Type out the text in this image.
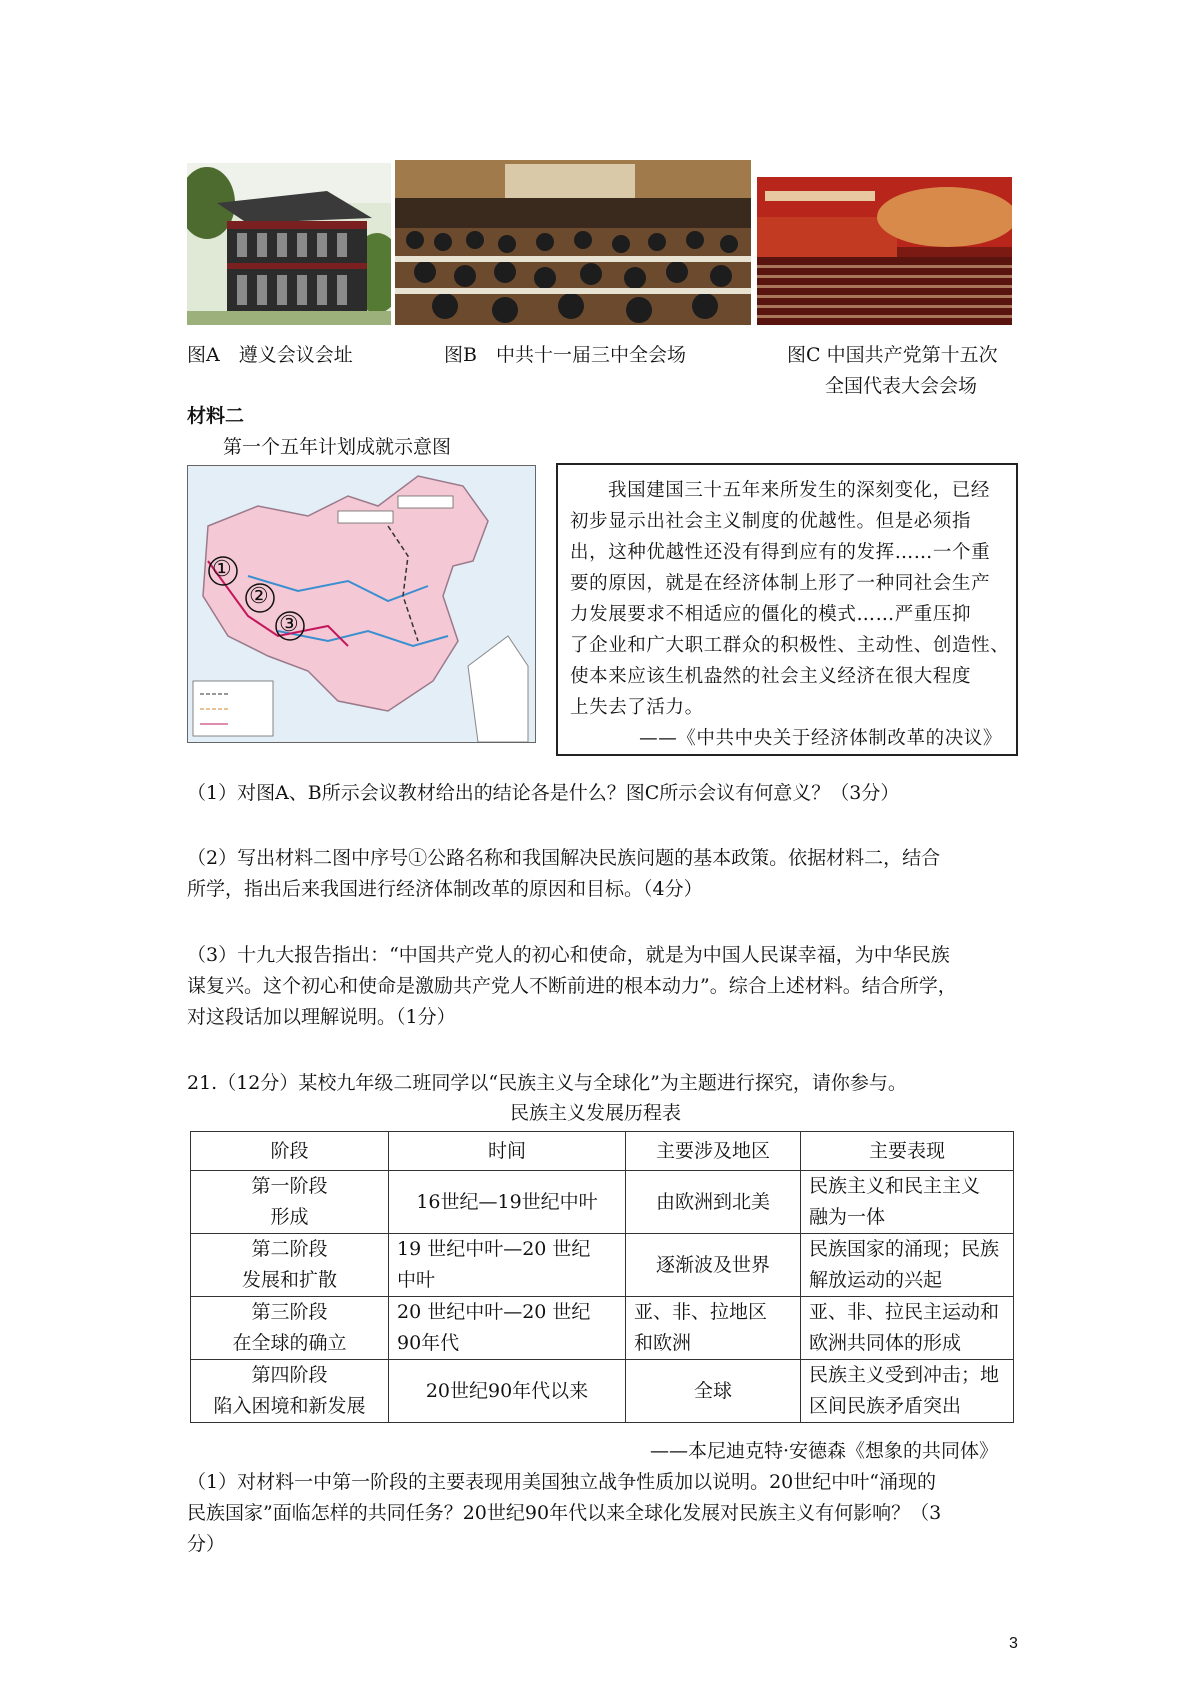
图A　遵义会议会址	图B　中共十一届三中全会场	图C 中国共产党第十五次
全国代表大会会场
材料二
第一个五年计划成就示意图
①
②
③

我国建国三十五年来所发生的深刻变化，已经

初步显示出社会主义制度的优越性。但是必须指

出，这种优越性还没有得到应有的发挥……一个重

要的原因，就是在经济体制上形了一种同社会生产

力发展要求不相适应的僵化的模式……严重压抑

了企业和广大职工群众的积极性、主动性、创造性、

使本来应该生机盎然的社会主义经济在很大程度

上失去了活力。

——《中共中央关于经济体制改革的决议》

（1）对图A、B所示会议教材给出的结论各是什么？图C所示会议有何意义？（3分）
（2）写出材料二图中序号①公路名称和我国解决民族问题的基本政策。依据材料二，结合
所学，指出后来我国进行经济体制改革的原因和目标。（4分）
（3）十九大报告指出：“中国共产党人的初心和使命，就是为中国人民谋幸福，为中华民族
谋复兴。这个初心和使命是激励共产党人不断前进的根本动力”。综合上述材料。结合所学，
对这段话加以理解说明。（1分）
21.（12分）某校九年级二班同学以“民族主义与全球化”为主题进行探究，请你参与。
民族主义发展历程表
阶段	时间	主要涉及地区	主要表现
第一阶段
形成	16世纪—19世纪中叶	由欧洲到北美	民族主义和民主主义
融为一体
第二阶段
发展和扩散	19 世纪中叶—20 世纪
中叶	逐渐波及世界	民族国家的涌现；民族
解放运动的兴起
第三阶段
在全球的确立	20 世纪中叶—20 世纪
90年代	亚、非、拉地区
和欧洲	亚、非、拉民主运动和
欧洲共同体的形成
第四阶段
陷入困境和新发展	20世纪90年代以来	全球	民族主义受到冲击；地
区间民族矛盾突出
——本尼迪克特·安德森《想象的共同体》
（1）对材料一中第一阶段的主要表现用美国独立战争性质加以说明。20世纪中叶“涌现的
民族国家”面临怎样的共同任务？20世纪90年代以来全球化发展对民族主义有何影响？（3
分）
3
